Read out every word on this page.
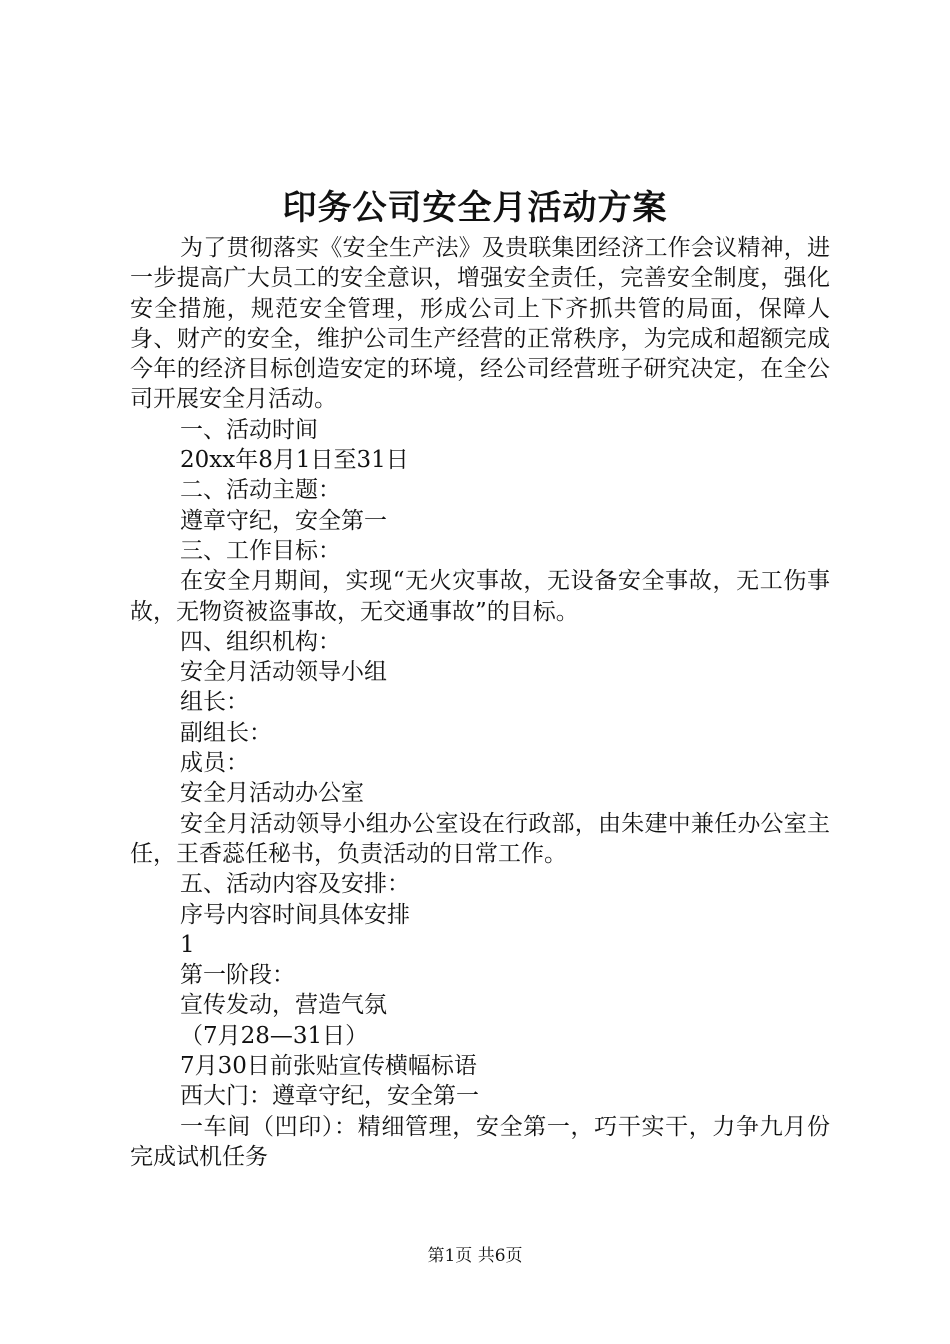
印务公司安全月活动方案

为了贯彻落实《安全生产法》及贵联集团经济工作会议精神，进一步提高广大员工的安全意识，增强安全责任，完善安全制度，强化安全措施，规范安全管理，形成公司上下齐抓共管的局面，保障人身、财产的安全，维护公司生产经营的正常秩序，为完成和超额完成今年的经济目标创造安定的环境，经公司经营班子研究决定，在全公司开展安全月活动。

一、活动时间

20xx年8月1日至31日

二、活动主题：

遵章守纪，安全第一

三、工作目标：

在安全月期间，实现“无火灾事故，无设备安全事故，无工伤事故，无物资被盗事故，无交通事故”的目标。

四、组织机构：

安全月活动领导小组

组长：

副组长：

成员：

安全月活动办公室

安全月活动领导小组办公室设在行政部，由朱建中兼任办公室主任，王香蕊任秘书，负责活动的日常工作。

五、活动内容及安排：

序号内容时间具体安排

1

第一阶段：

宣传发动，营造气氛

（7月28—31日）

7月30日前张贴宣传横幅标语

西大门：遵章守纪，安全第一

一车间（凹印）：精细管理，安全第一，巧干实干，力争九月份完成试机任务

第1页 共6页
